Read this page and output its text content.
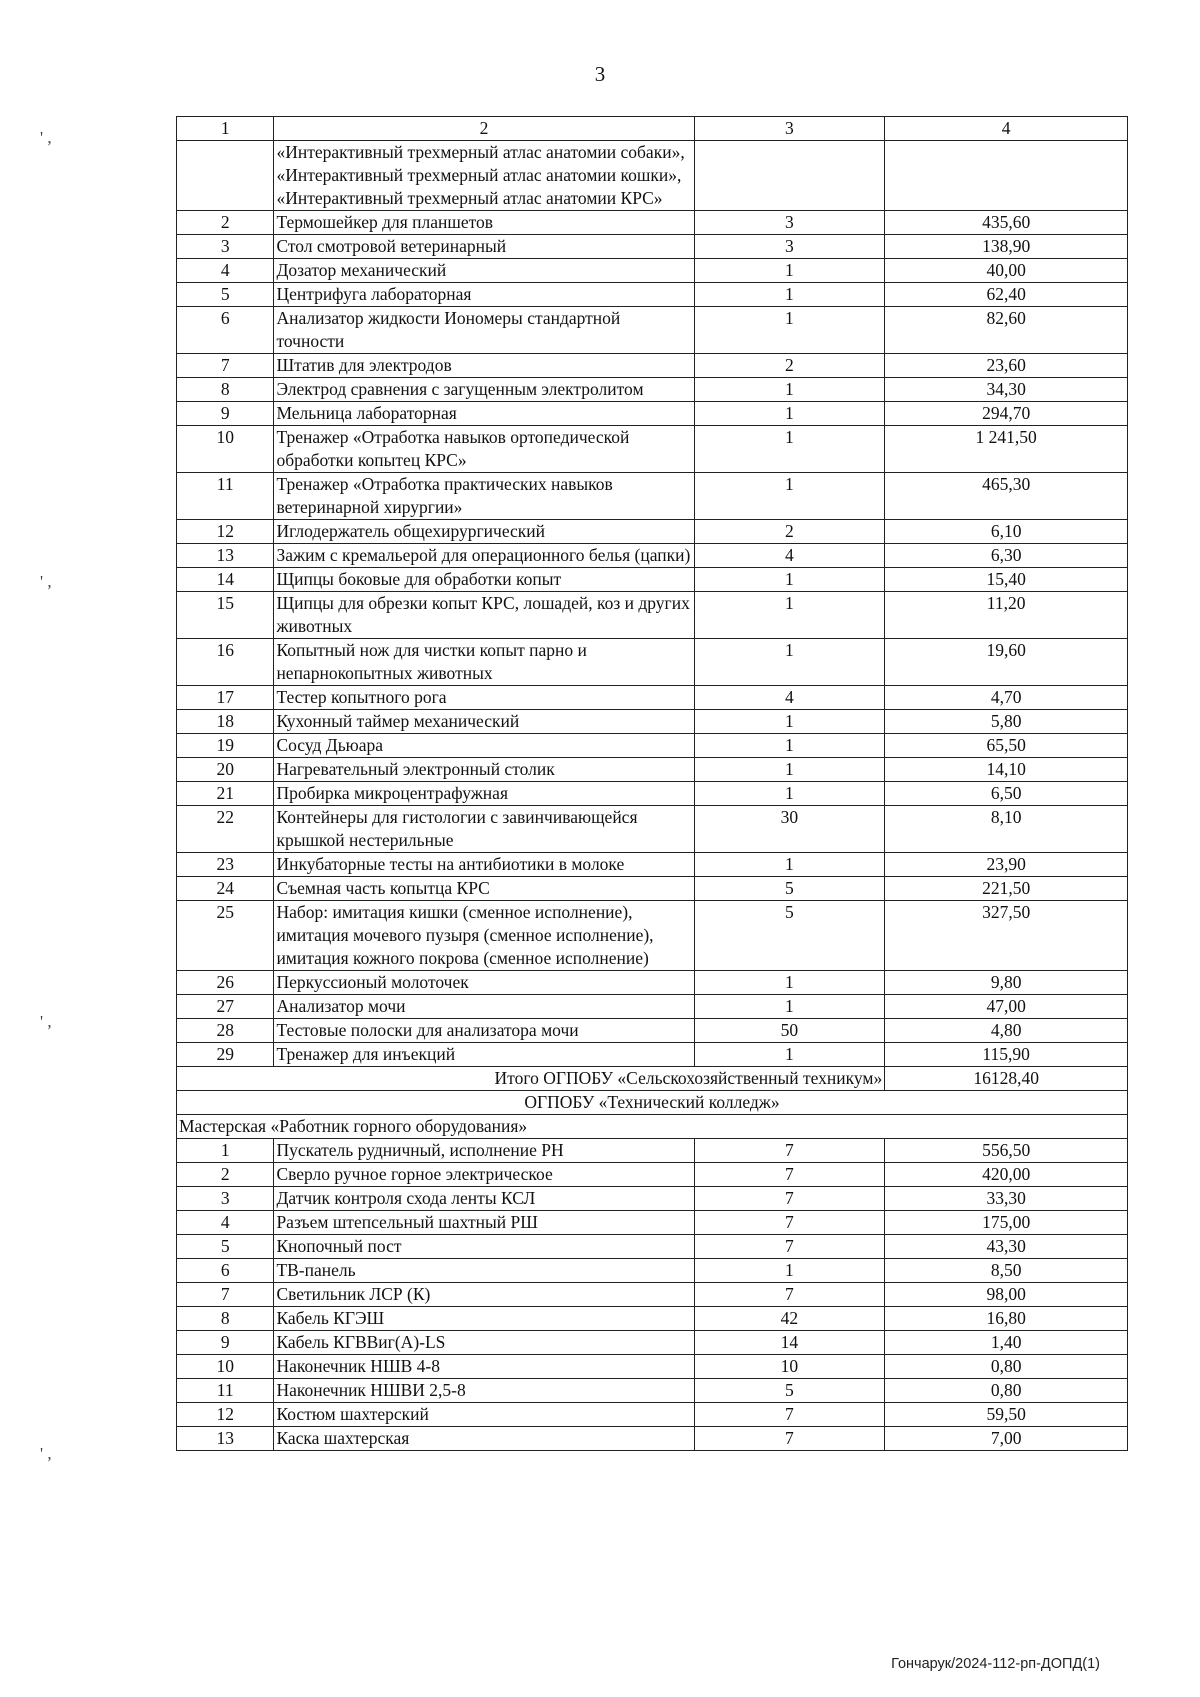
3
' ,
' ,
' ,
' ,
1	2	3	4
	«Интерактивный трехмерный атлас анатомии собаки», «Интерактивный трехмерный атлас анатомии кошки», «Интерактивный трехмерный атлас анатомии КРС»		
2	Термошейкер для планшетов	3	435,60
3	Стол смотровой ветеринарный	3	138,90
4	Дозатор механический	1	40,00
5	Центрифуга лабораторная	1	62,40
6	Анализатор жидкости Иономеры стандартной точности	1	82,60
7	Штатив для электродов	2	23,60
8	Электрод сравнения с загущенным электролитом	1	34,30
9	Мельница лабораторная	1	294,70
10	Тренажер «Отработка навыков ортопедической обработки копытец КРС»	1	1 241,50
11	Тренажер «Отработка практических навыков ветеринарной хирургии»	1	465,30
12	Иглодержатель общехирургический	2	6,10
13	Зажим с кремальерой для операционного белья (цапки)	4	6,30
14	Щипцы боковые для обработки копыт	1	15,40
15	Щипцы для обрезки копыт КРС, лошадей, коз и других животных	1	11,20
16	Копытный нож для чистки копыт парно и непарнокопытных животных	1	19,60
17	Тестер копытного рога	4	4,70
18	Кухонный таймер механический	1	5,80
19	Сосуд Дьюара	1	65,50
20	Нагревательный электронный столик	1	14,10
21	Пробирка микроцентрафужная	1	6,50
22	Контейнеры для гистологии с завинчивающейся крышкой нестерильные	30	8,10
23	Инкубаторные тесты на антибиотики в молоке	1	23,90
24	Съемная часть копытца КРС	5	221,50
25	Набор: имитация кишки (сменное исполнение), имитация мочевого пузыря (сменное исполнение), имитация кожного покрова (сменное исполнение)	5	327,50
26	Перкуссионый молоточек	1	9,80
27	Анализатор мочи	1	47,00
28	Тестовые полоски для анализатора мочи	50	4,80
29	Тренажер для инъекций	1	115,90
Итого ОГПОБУ «Сельскохозяйственный техникум»			16128,40
ОГПОБУ «Технический колледж»			
Мастерская «Работник горного оборудования»			
1	Пускатель рудничный, исполнение РН	7	556,50
2	Сверло ручное горное электрическое	7	420,00
3	Датчик контроля схода ленты КСЛ	7	33,30
4	Разъем штепсельный шахтный РШ	7	175,00
5	Кнопочный пост	7	43,30
6	ТВ-панель	1	8,50
7	Светильник ЛСР (К)	7	98,00
8	Кабель КГЭШ	42	16,80
9	Кабель КГВВиг(А)-LS	14	1,40
10	Наконечник НШВ 4-8	10	0,80
11	Наконечник НШВИ 2,5-8	5	0,80
12	Костюм шахтерский	7	59,50
13	Каска шахтерская	7	7,00
Гончарук/2024-112-рп-ДОПД(1)
